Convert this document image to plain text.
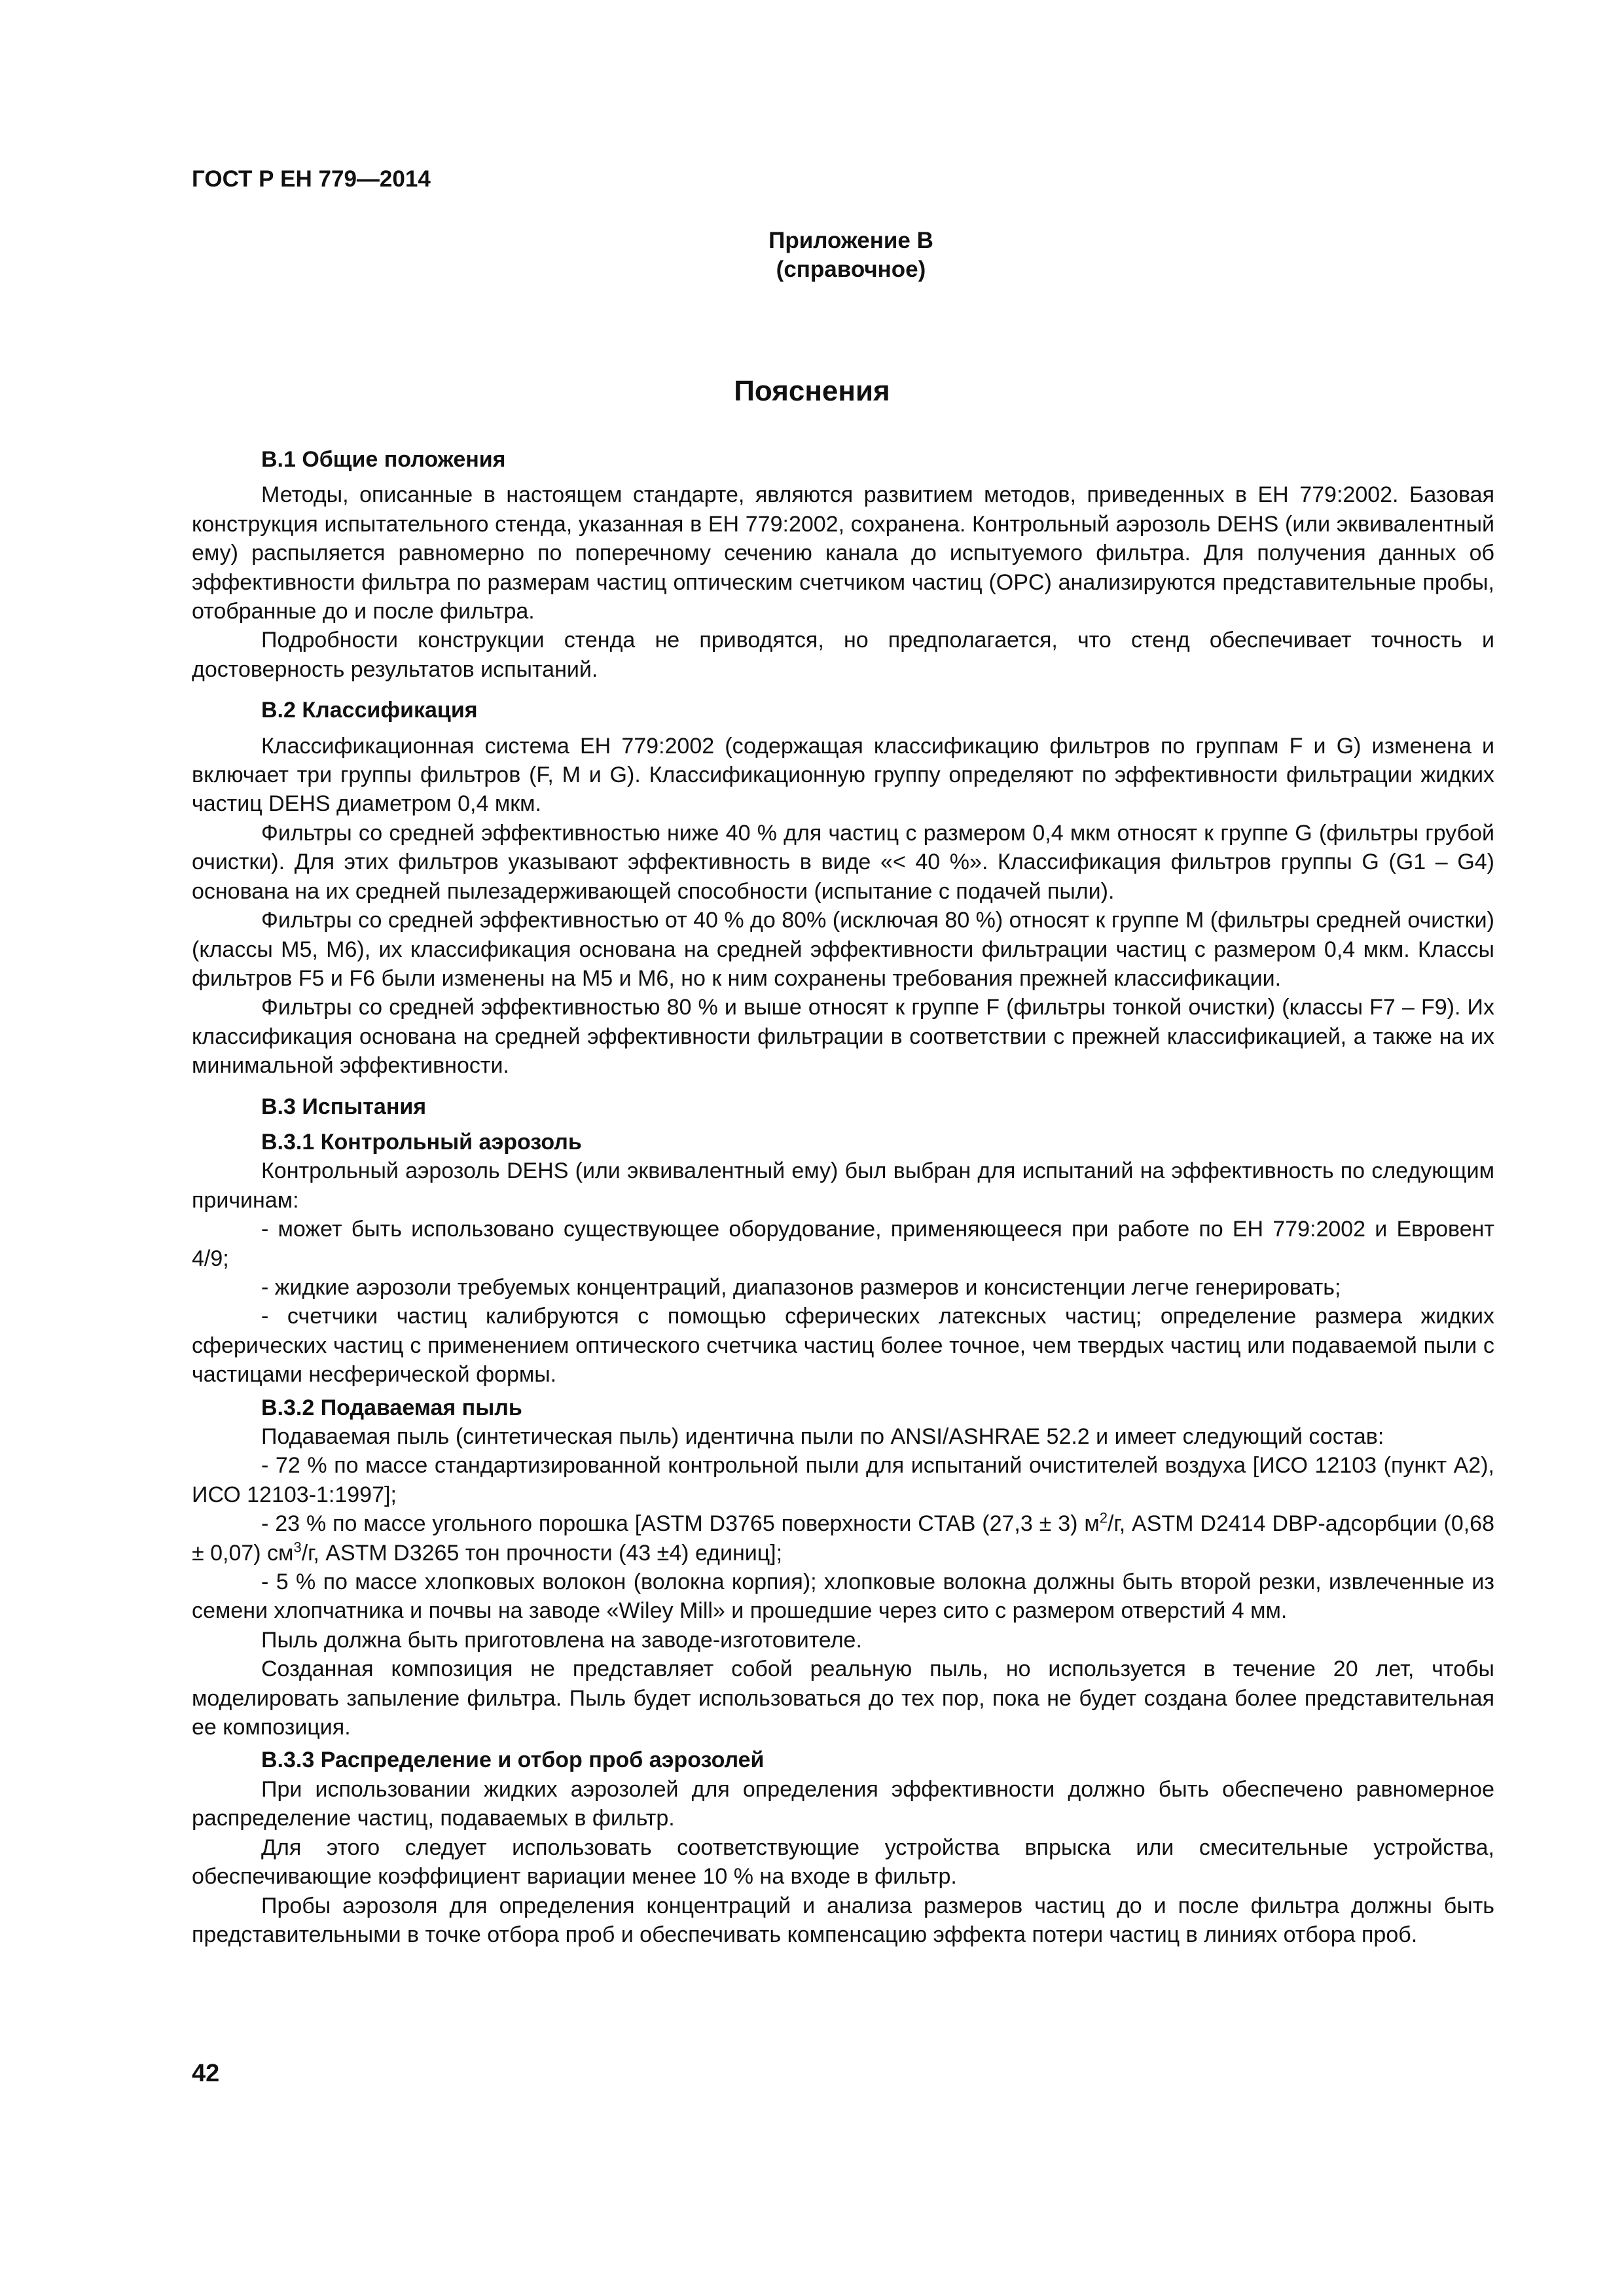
ГОСТ Р ЕН 779—2014
Приложение В
(справочное)
Пояснения
В.1 Общие положения

Методы, описанные в настоящем стандарте, являются развитием методов, приведенных в ЕН 779:2002. Базовая конструкция испытательного стенда, указанная в ЕН 779:2002, сохранена. Контрольный аэрозоль DEHS (или эквивалентный ему) распыляется равномерно по поперечному сечению канала до испытуемого фильтра. Для получения данных об эффективности фильтра по размерам частиц оптическим счетчиком частиц (OPC) анализируются представительные пробы, отобранные до и после фильтра.

Подробности конструкции стенда не приводятся, но предполагается, что стенд обеспечивает точность и достоверность результатов испытаний.

В.2 Классификация

Классификационная система ЕН 779:2002 (содержащая классификацию фильтров по группам F и G) изменена и включает три группы фильтров (F, M и G). Классификационную группу определяют по эффективности фильтрации жидких частиц DEHS диаметром 0,4 мкм.

Фильтры со средней эффективностью ниже 40 % для частиц с размером 0,4 мкм относят к группе G (фильтры грубой очистки). Для этих фильтров указывают эффективность в виде «< 40 %». Классификация фильтров группы G (G1 – G4) основана на их средней пылезадерживающей способности (испытание с подачей пыли).

Фильтры со средней эффективностью от 40 % до 80% (исключая 80 %) относят к группе M (фильтры средней очистки) (классы M5, M6), их классификация основана на средней эффективности фильтрации частиц с размером 0,4 мкм. Классы фильтров F5 и F6 были изменены на M5 и M6, но к ним сохранены требования прежней классификации.

Фильтры со средней эффективностью 80 % и выше относят к группе F (фильтры тонкой очистки) (классы F7 – F9). Их классификация основана на средней эффективности фильтрации в соответствии с прежней классификацией, а также на их минимальной эффективности.

В.3 Испытания
В.3.1 Контрольный аэрозоль

Контрольный аэрозоль DEHS (или эквивалентный ему) был выбран для испытаний на эффективность по следующим причинам:

- может быть использовано существующее оборудование, применяющееся при работе по ЕН 779:2002 и Евровент 4/9;

- жидкие аэрозоли требуемых концентраций, диапазонов размеров и консистенции легче генерировать;

- счетчики частиц калибруются с помощью сферических латексных частиц; определение размера жидких сферических частиц с применением оптического счетчика частиц более точное, чем твердых частиц или подаваемой пыли с частицами несферической формы.

В.3.2 Подаваемая пыль

Подаваемая пыль (синтетическая пыль) идентична пыли по ANSI/ASHRAE 52.2 и имеет следующий состав:

- 72 % по массе стандартизированной контрольной пыли для испытаний очистителей воздуха [ИСО 12103 (пункт А2), ИСО 12103-1:1997];

- 23 % по массе угольного порошка [ASTM D3765 поверхности CTAB (27,3 ± 3) $м^2/г$, ASTM D2414 DBP-адсорбции (0,68 ± 0,07) $см^3/г$, ASTM D3265 тон прочности (43 ±4) единиц];

- 5 % по массе хлопковых волокон (волокна корпия); хлопковые волокна должны быть второй резки, извлеченные из семени хлопчатника и почвы на заводе «Wiley Mill» и прошедшие через сито с размером отверстий 4 мм.

Пыль должна быть приготовлена на заводе-изготовителе.

Созданная композиция не представляет собой реальную пыль, но используется в течение 20 лет, чтобы моделировать запыление фильтра. Пыль будет использоваться до тех пор, пока не будет создана более представительная ее композиция.

В.3.3 Распределение и отбор проб аэрозолей

При использовании жидких аэрозолей для определения эффективности должно быть обеспечено равномерное распределение частиц, подаваемых в фильтр.

Для этого следует использовать соответствующие устройства впрыска или смесительные устройства, обеспечивающие коэффициент вариации менее 10 % на входе в фильтр.

Пробы аэрозоля для определения концентраций и анализа размеров частиц до и после фильтра должны быть представительными в точке отбора проб и обеспечивать компенсацию эффекта потери частиц в линиях отбора проб.

42
